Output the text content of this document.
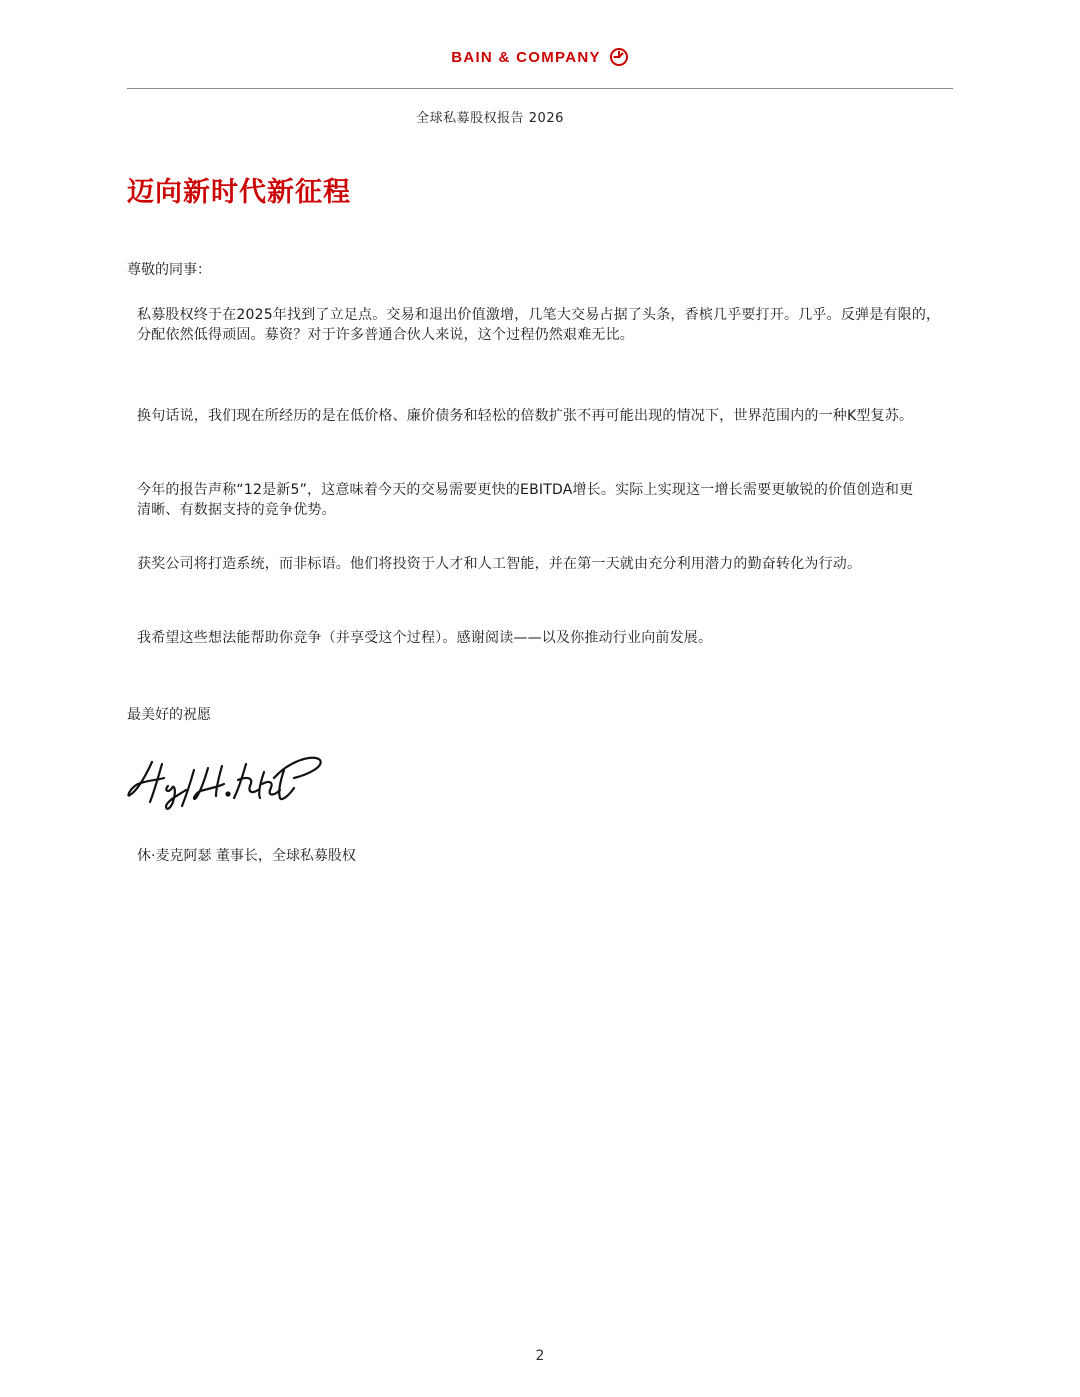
BAIN & COMPANY
全球私募股权报告 2026
迈向新时代新征程
尊敬的同事：

私募股权终于在2025年找到了立足点。交易和退出价值激增，几笔大交易占据了头条，香槟几乎要打开。几乎。反弹是有限的，分配依然低得顽固。募资？对于许多普通合伙人来说，这个过程仍然艰难无比。

换句话说，我们现在所经历的是在低价格、廉价债务和轻松的倍数扩张不再可能出现的情况下，世界范围内的一种K型复苏。

今年的报告声称“12是新5”，这意味着今天的交易需要更快的EBITDA增长。实际上实现这一增长需要更敏锐的价值创造和更清晰、有数据支持的竞争优势。

获奖公司将打造系统，而非标语。他们将投资于人才和人工智能，并在第一天就由充分利用潜力的勤奋转化为行动。

我希望这些想法能帮助你竞争（并享受这个过程）。感谢阅读——以及你推动行业向前发展。

最美好的祝愿

休·麦克阿瑟 董事长，全球私募股权

2
